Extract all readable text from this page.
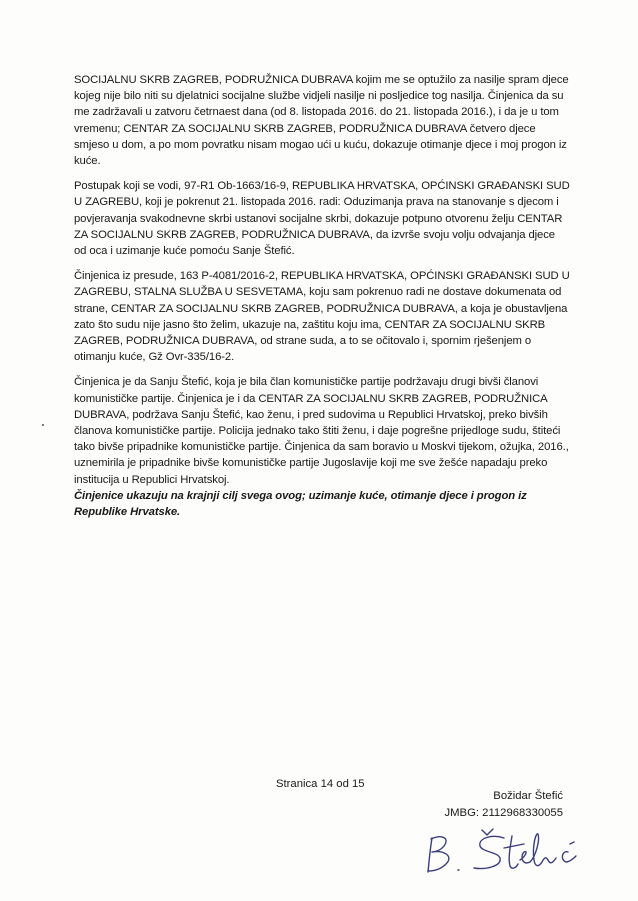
SOCIJALNU SKRB ZAGREB, PODRUŽNICA DUBRAVA kojim me se optužilo za nasilje spram djece kojeg nije bilo niti su djelatnici socijalne službe vidjeli nasilje ni posljedice tog nasilja. Činjenica da su me zadržavali u zatvoru četrnaest dana (od 8. listopada 2016. do 21. listopada 2016.), i da je u tom vremenu; CENTAR ZA SOCIJALNU SKRB ZAGREB, PODRUŽNICA DUBRAVA četvero djece smjeso u dom, a po mom povratku nisam mogao ući u kuću, dokazuje otimanje djece i moj progon iz kuće.

Postupak koji se vodi, 97-R1 Ob-1663/16-9, REPUBLIKA HRVATSKA, OPĆINSKI GRAĐANSKI SUD U ZAGREBU, koji je pokrenut 21. listopada 2016. radi: Oduzimanja prava na stanovanje s djecom i povjeravanja svakodnevne skrbi ustanovi socijalne skrbi, dokazuje potpuno otvorenu želju CENTAR ZA SOCIJALNU SKRB ZAGREB, PODRUŽNICA DUBRAVA, da izvrše svoju volju odvajanja djece od oca i uzimanje kuće pomoću Sanje Štefić.

Činjenica iz presude, 163 P-4081/2016-2, REPUBLIKA HRVATSKA, OPĆINSKI GRAĐANSKI SUD U ZAGREBU, STALNA SLUŽBA U SESVETAMA, koju sam pokrenuo radi ne dostave dokumenata od strane, CENTAR ZA SOCIJALNU SKRB ZAGREB, PODRUŽNICA DUBRAVA, a koja je obustavljena zato što sudu nije jasno što želim, ukazuje na, zaštitu koju ima, CENTAR ZA SOCIJALNU SKRB ZAGREB, PODRUŽNICA DUBRAVA, od strane suda, a to se očitovalo i, spornim rješenjem o otimanju kuće, Gž Ovr-335/16-2.

Činjenica je da Sanju Štefić, koja je bila član komunističke partije podržavaju drugi bivši članovi komunističke partije. Činjenica je i da CENTAR ZA SOCIJALNU SKRB ZAGREB, PODRUŽNICA DUBRAVA, podržava Sanju Štefić, kao ženu, i pred sudovima u Republici Hrvatskoj, preko bivših članova komunističke partije. Policija jednako tako štiti ženu, i daje pogrešne prijedloge sudu, štiteći tako bivše pripadnike komunističke partije. Činjenica da sam boravio u Moskvi tijekom, ožujka, 2016., uznemirila je pripadnike bivše komunističke partije Jugoslavije koji me sve žešće napadaju preko institucija u Republici Hrvatskoj.

Činjenice ukazuju na krajnji cilj svega ovog; uzimanje kuće, otimanje djece i progon iz Republike Hrvatske.

Stranica 14 od 15
Božidar Štefić
JMBG: 2112968330055
